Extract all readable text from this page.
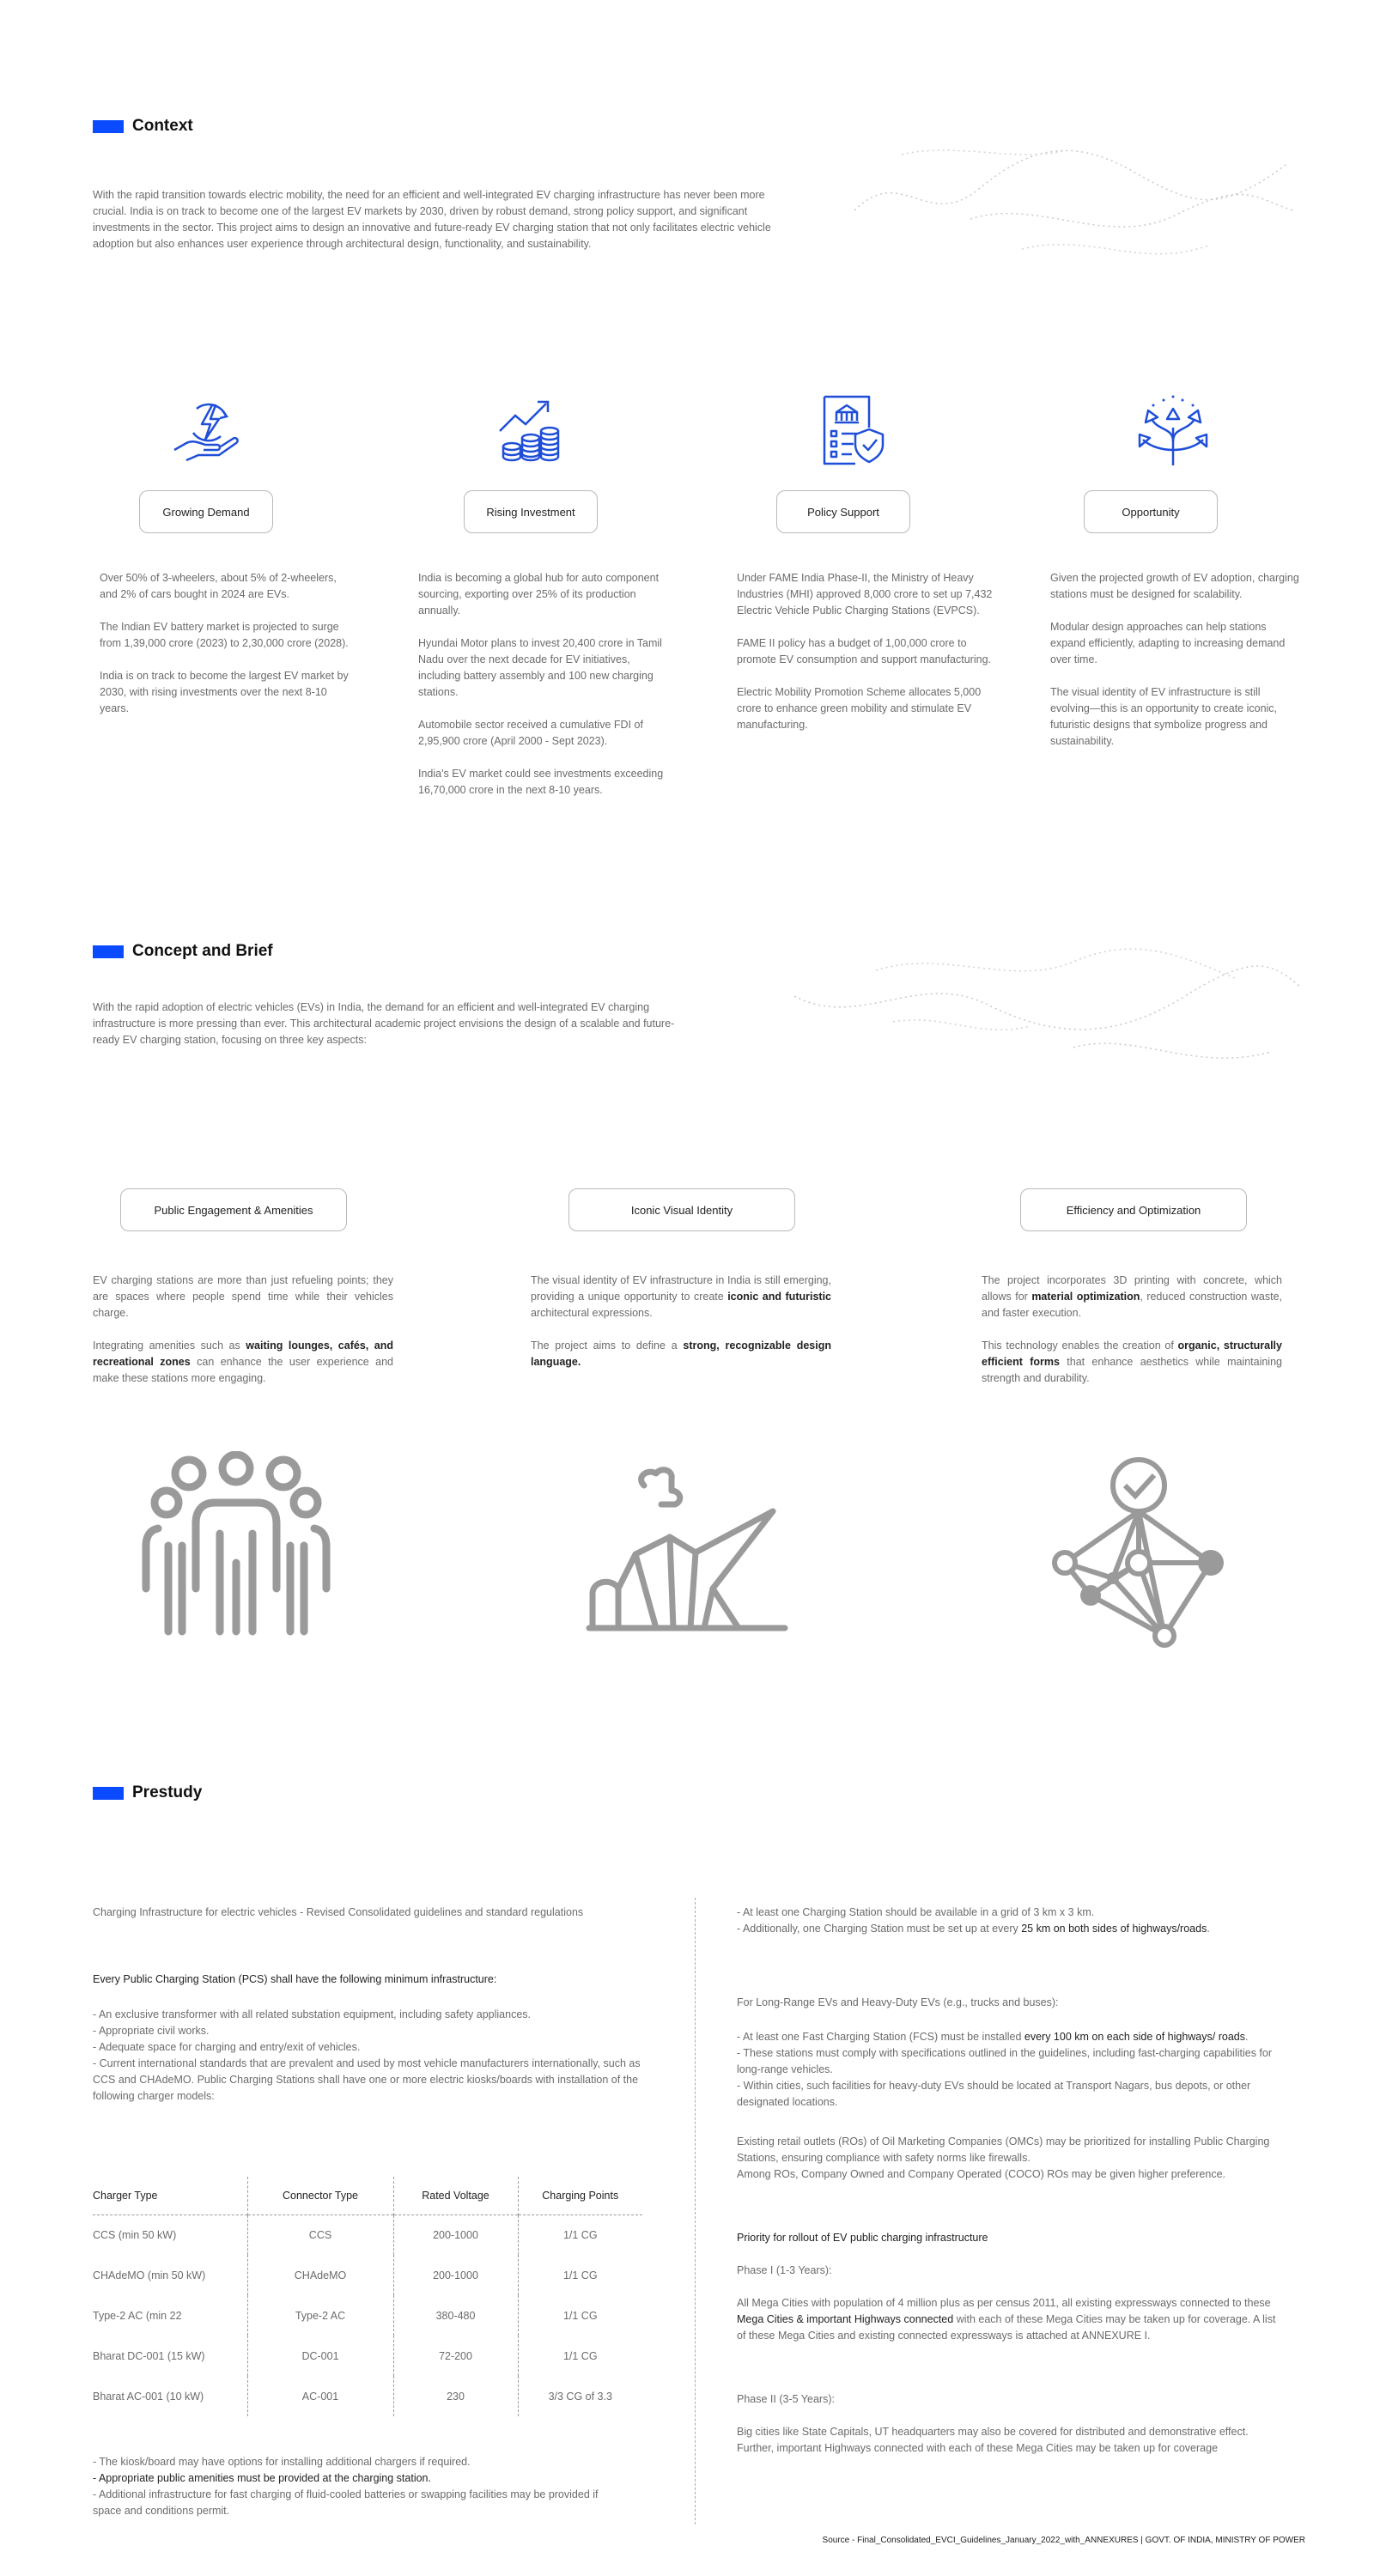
Context

With the rapid transition towards electric mobility, the need for an efficient and well-integrated EV charging infrastructure has never been more crucial. India is on track to become one of the largest EV markets by 2030, driven by robust demand, strong policy support, and significant investments in the sector. This project aims to design an innovative and future-ready EV charging station that not only facilitates electric vehicle adoption but also enhances user experience through architectural design, functionality, and sustainability.

Growing Demand	Rising Investment	Policy Support	Opportunity

Over 50% of 3-wheelers, about 5% of 2-wheelers, and 2% of cars bought in 2024 are EVs.

The Indian EV battery market is projected to surge from 1,39,000 crore (2023) to 2,30,000 crore (2028).

India is on track to become the largest EV market by 2030, with rising investments over the next 8-10 years.

India is becoming a global hub for auto component sourcing, exporting over 25% of its production annually.

Hyundai Motor plans to invest 20,400 crore in Tamil Nadu over the next decade for EV initiatives, including battery assembly and 100 new charging stations.

Automobile sector received a cumulative FDI of 2,95,900 crore (April 2000 - Sept 2023).

India's EV market could see investments exceeding 16,70,000 crore in the next 8-10 years.

Under FAME India Phase-II, the Ministry of Heavy Industries (MHI) approved 8,000 crore to set up 7,432 Electric Vehicle Public Charging Stations (EVPCS).

FAME II policy has a budget of 1,00,000 crore to promote EV consumption and support manufacturing.

Electric Mobility Promotion Scheme allocates 5,000 crore to enhance green mobility and stimulate EV manufacturing.

Given the projected growth of EV adoption, charging stations must be designed for scalability.

Modular design approaches can help stations expand efficiently, adapting to increasing demand over time.

The visual identity of EV infrastructure is still evolving—this is an opportunity to create iconic, futuristic designs that symbolize progress and sustainability.

Concept and Brief

With the rapid adoption of electric vehicles (EVs) in India, the demand for an efficient and well-integrated EV charging infrastructure is more pressing than ever. This architectural academic project envisions the design of a scalable and future-ready EV charging station, focusing on three key aspects:

Public Engagement & Amenities	Iconic Visual Identity	Efficiency and Optimization

EV charging stations are more than just refueling points; they are spaces where people spend time while their vehicles charge.

Integrating amenities such as waiting lounges, cafés, and recreational zones can enhance the user experience and make these stations more engaging.

The visual identity of EV infrastructure in India is still emerging, providing a unique opportunity to create iconic and futuristic architectural expressions.

The project aims to define a strong, recognizable design language.

The project incorporates 3D printing with concrete, which allows for material optimization, reduced construction waste, and faster execution.

This technology enables the creation of organic, structurally efficient forms that enhance aesthetics while maintaining strength and durability.

Prestudy

Charging Infrastructure for electric vehicles - Revised Consolidated guidelines and standard regulations

Every Public Charging Station (PCS) shall have the following minimum infrastructure:

- An exclusive transformer with all related substation equipment, including safety appliances.
- Appropriate civil works.
- Adequate space for charging and entry/exit of vehicles.
- Current international standards that are prevalent and used by most vehicle manufacturers internationally, such as CCS and CHAdeMO. Public Charging Stations shall have one or more electric kiosks/boards with installation of the following charger models:
Charger Type	Connector Type	Rated Voltage	Charging Points
CCS (min 50 kW)	CCS	200-1000	1/1 CG
CHAdeMO (min 50 kW)	CHAdeMO	200-1000	1/1 CG
Type-2 AC (min 22	Type-2 AC	380-480	1/1 CG
Bharat DC-001 (15 kW)	DC-001	72-200	1/1 CG
Bharat AC-001 (10 kW)	AC-001	230	3/3 CG of 3.3
- The kiosk/board may have options for installing additional chargers if required.
- Appropriate public amenities must be provided at the charging station.
- Additional infrastructure for fast charging of fluid-cooled batteries or swapping facilities may be provided if space and conditions permit.
- At least one Charging Station should be available in a grid of 3 km x 3 km.
- Additionally, one Charging Station must be set up at every 25 km on both sides of highways/roads.

For Long-Range EVs and Heavy-Duty EVs (e.g., trucks and buses):

- At least one Fast Charging Station (FCS) must be installed every 100 km on each side of highways/ roads.
- These stations must comply with specifications outlined in the guidelines, including fast-charging capabilities for long-range vehicles.
- Within cities, such facilities for heavy-duty EVs should be located at Transport Nagars, bus depots, or other designated locations.
Existing retail outlets (ROs) of Oil Marketing Companies (OMCs) may be prioritized for installing Public Charging Stations, ensuring compliance with safety norms like firewalls.
Among ROs, Company Owned and Company Operated (COCO) ROs may be given higher preference.

Priority for rollout of EV public charging infrastructure

Phase I (1-3 Years):

All Mega Cities with population of 4 million plus as per census 2011, all existing expressways connected to these Mega Cities & important Highways connected with each of these Mega Cities may be taken up for coverage. A list of these Mega Cities and existing connected expressways is attached at ANNEXURE I.

Phase II (3-5 Years):

Big cities like State Capitals, UT headquarters may also be covered for distributed and demonstrative effect. Further, important Highways connected with each of these Mega Cities may be taken up for coverage

Source - Final_Consolidated_EVCI_Guidelines_January_2022_with_ANNEXURES | GOVT. OF INDIA, MINISTRY OF POWER
